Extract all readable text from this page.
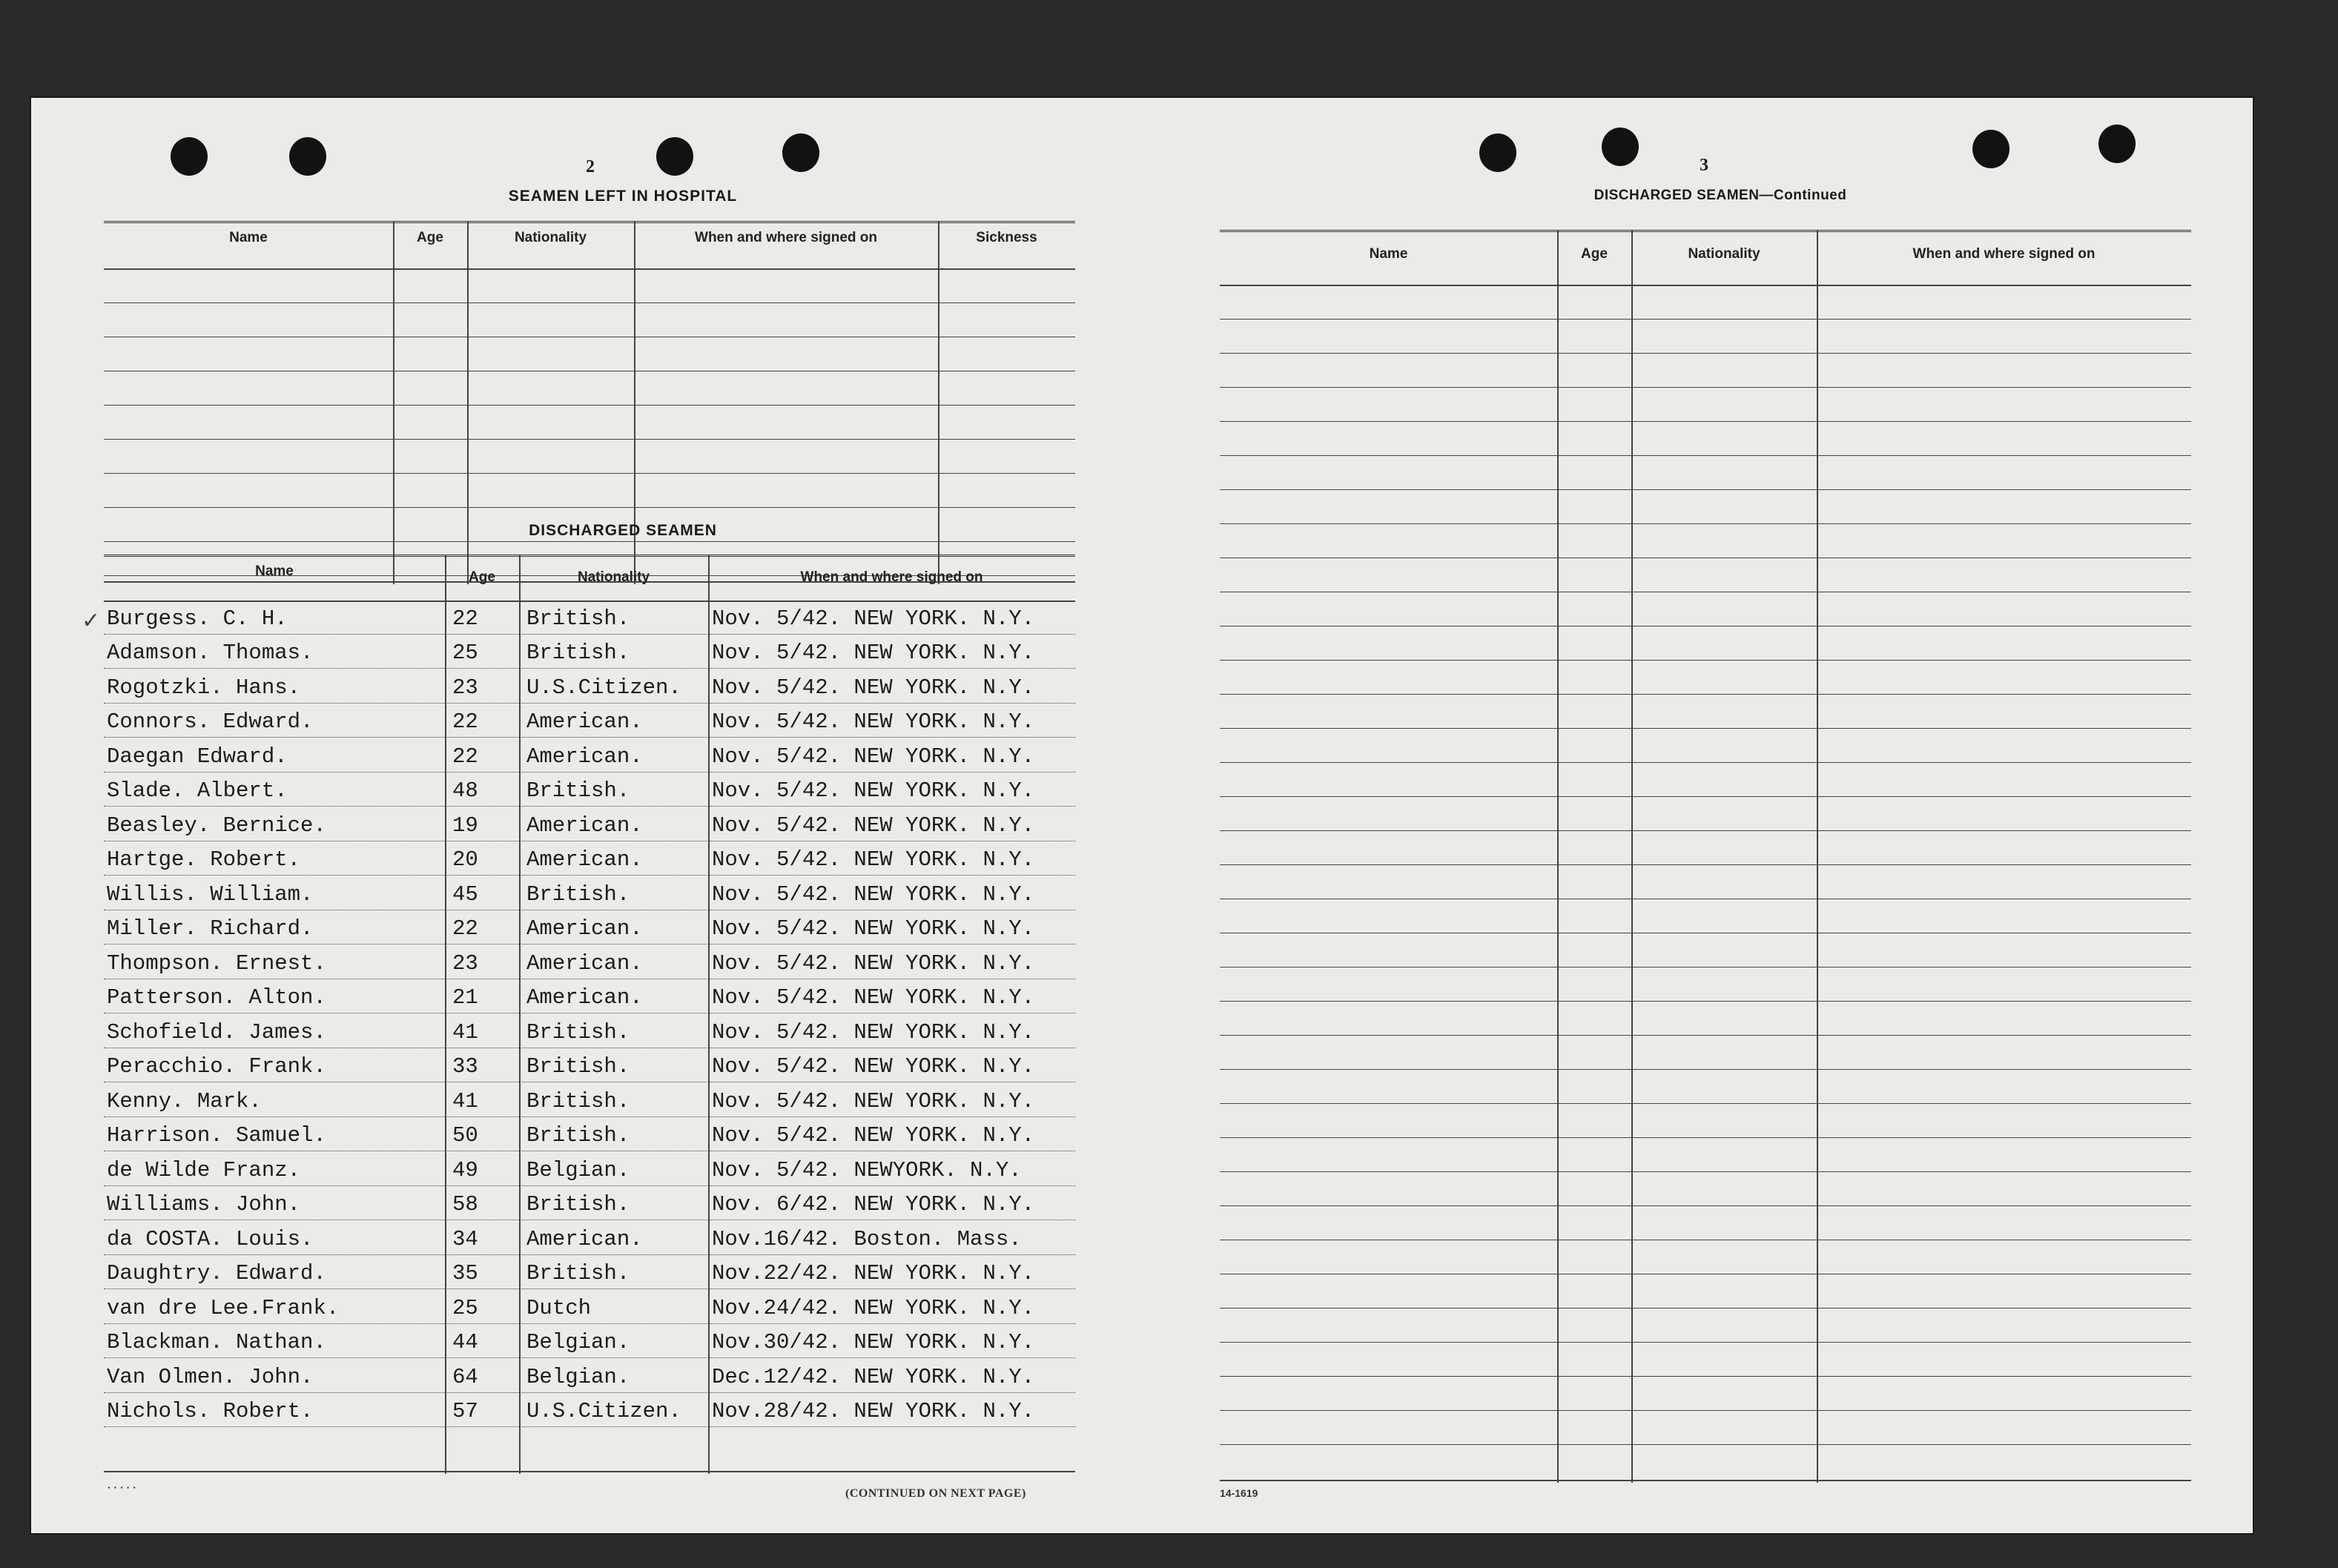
2
SEAMEN LEFT IN HOSPITAL
Name	Age	Nationality	When and where signed on	Sickness
DISCHARGED SEAMEN
Name	Age	Nationality	When and where signed on
Burgess. C. H.	22 British.	Nov. 5/42. NEW YORK. N.Y.
Adamson. Thomas.	25 British.	Nov. 5/42. NEW YORK. N.Y.
Rogotzki. Hans.	23 U.S.Citizen. Nov. 5/42. NEW YORK. N.Y.
Connors. Edward.	22 American.	Nov. 5/42. NEW YORK. N.Y.
Daegan Edward.	22 American.	Nov. 5/42. NEW YORK. N.Y.
Slade. Albert.	48 British.	Nov. 5/42. NEW YORK. N.Y.
Beasley. Bernice.	19 American.	Nov. 5/42. NEW YORK. N.Y.
Hartge. Robert.	20 American.	Nov. 5/42. NEW YORK. N.Y.
Willis. William.	45 British.	Nov. 5/42. NEW YORK. N.Y.
Miller. Richard.	22 American.	Nov. 5/42. NEW YORK. N.Y.
Thompson. Ernest.	23 American.	Nov. 5/42. NEW YORK. N.Y.
Patterson. Alton.	21 American.	Nov. 5/42. NEW YORK. N.Y.
Schofield. James.	41 British.	Nov. 5/42. NEW YORK. N.Y.
Peracchio. Frank.	33 British.	Nov. 5/42. NEW YORK. N.Y.
Kenny. Mark.	41 British.	Nov. 5/42. NEW YORK. N.Y.
Harrison. Samuel.	50 British.	Nov. 5/42. NEW YORK. N.Y.
de Wilde Franz.	49 Belgian.	Nov. 5/42. NEWYORK. N.Y.
Williams. John.	58 British.	Nov. 6/42. NEW YORK. N.Y.
da COSTA. Louis.	34 American.	Nov.16/42. Boston. Mass.
Daughtry. Edward.	35 British.	Nov.22/42. NEW YORK. N.Y.
van dre Lee.Frank.	25 Dutch	Nov.24/42. NEW YORK. N.Y.
Blackman. Nathan.	44 Belgian.	Nov.30/42. NEW YORK. N.Y.
Van Olmen. John.	64 Belgian.	Dec.12/42. NEW YORK. N.Y.
Nichols. Robert.	57 U.S.Citizen. Nov.28/42. NEW YORK. N.Y.
✓
· · · · ·	(CONTINUED ON NEXT PAGE)
3
DISCHARGED SEAMEN—Continued
Name	Age	Nationality	When and where signed on
14-1619
